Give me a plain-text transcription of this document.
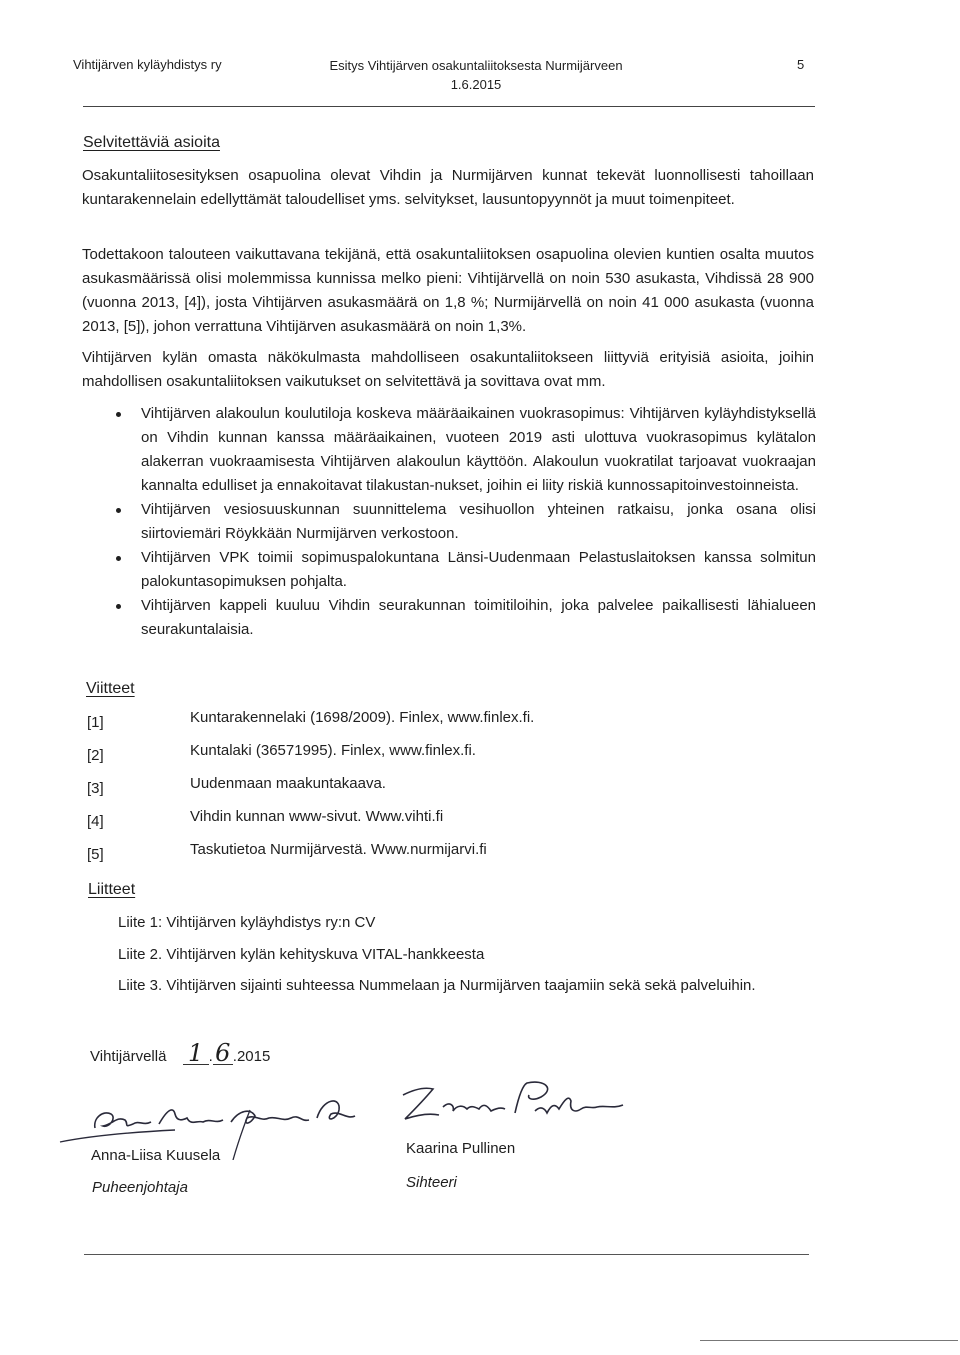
Vihtijärven kyläyhdistys ry	Esitys Vihtijärven osakuntaliitoksesta Nurmijärveen
1.6.2015
5
Selvitettäviä asioita
Osakuntaliitosesityksen osapuolina olevat Vihdin ja Nurmijärven kunnat tekevät luonnollisesti tahoillaan kuntarakennelain edellyttämät taloudelliset yms. selvitykset, lausuntopyynnöt ja muut toimenpiteet.
Todettakoon talouteen vaikuttavana tekijänä, että osakuntaliitoksen osapuolina olevien kuntien osalta muutos asukasmäärissä olisi molemmissa kunnissa melko pieni: Vihtijärvellä on noin 530 asukasta, Vihdissä 28 900 (vuonna 2013, [4]), josta Vihtijärven asukasmäärä on 1,8 %; Nurmijärvellä on noin 41 000 asukasta (vuonna 2013, [5]), johon verrattuna Vihtijärven asukasmäärä on noin 1,3%.
Vihtijärven kylän omasta näkökulmasta mahdolliseen osakuntaliitokseen liittyviä erityisiä asioita, joihin mahdollisen osakuntaliitoksen vaikutukset on selvitettävä ja sovittava ovat mm.
Vihtijärven alakoulun koulutiloja koskeva määräaikainen vuokrasopimus: Vihtijärven kyläyhdistyksellä on Vihdin kunnan kanssa määräaikainen, vuoteen 2019 asti ulottuva vuokrasopimus kylätalon alakerran vuokraamisesta Vihtijärven alakoulun käyttöön. Alakoulun vuokratilat tarjoavat vuokraajan kannalta edulliset ja ennakoitavat tilakustan-nukset, joihin ei liity riskiä kunnossapitoinvestoinneista.
Vihtijärven vesiosuuskunnan suunnittelema vesihuollon yhteinen ratkaisu, jonka osana olisi siirtoviemäri Röykkään Nurmijärven verkostoon.
Vihtijärven VPK toimii sopimuspalokuntana Länsi-Uudenmaan Pelastuslaitoksen kanssa solmitun palokuntasopimuksen pohjalta.
Vihtijärven kappeli kuuluu Vihdin seurakunnan toimitiloihin, joka palvelee paikallisesti lähialueen seurakuntalaisia.
Viitteet
[1]	Kuntarakennelaki (1698/2009). Finlex, www.finlex.fi.
[2]	Kuntalaki (36571995). Finlex, www.finlex.fi.
[3]	Uudenmaan maakuntakaava.
[4]	Vihdin kunnan www-sivut. Www.vihti.fi
[5]	Taskutietoa Nurmijärvestä. Www.nurmijarvi.fi
Liitteet
Liite 1: Vihtijärven kyläyhdistys ry:n CV
Liite 2. Vihtijärven kylän kehityskuva VITAL-hankkeesta
Liite 3. Vihtijärven sijainti suhteessa Nummelaan ja Nurmijärven taajamiin sekä sekä palveluihin.
Vihtijärvellä 1 .6 .2015
Anna-Liisa Kuusela
Puheenjohtaja
Kaarina Pullinen
Sihteeri
